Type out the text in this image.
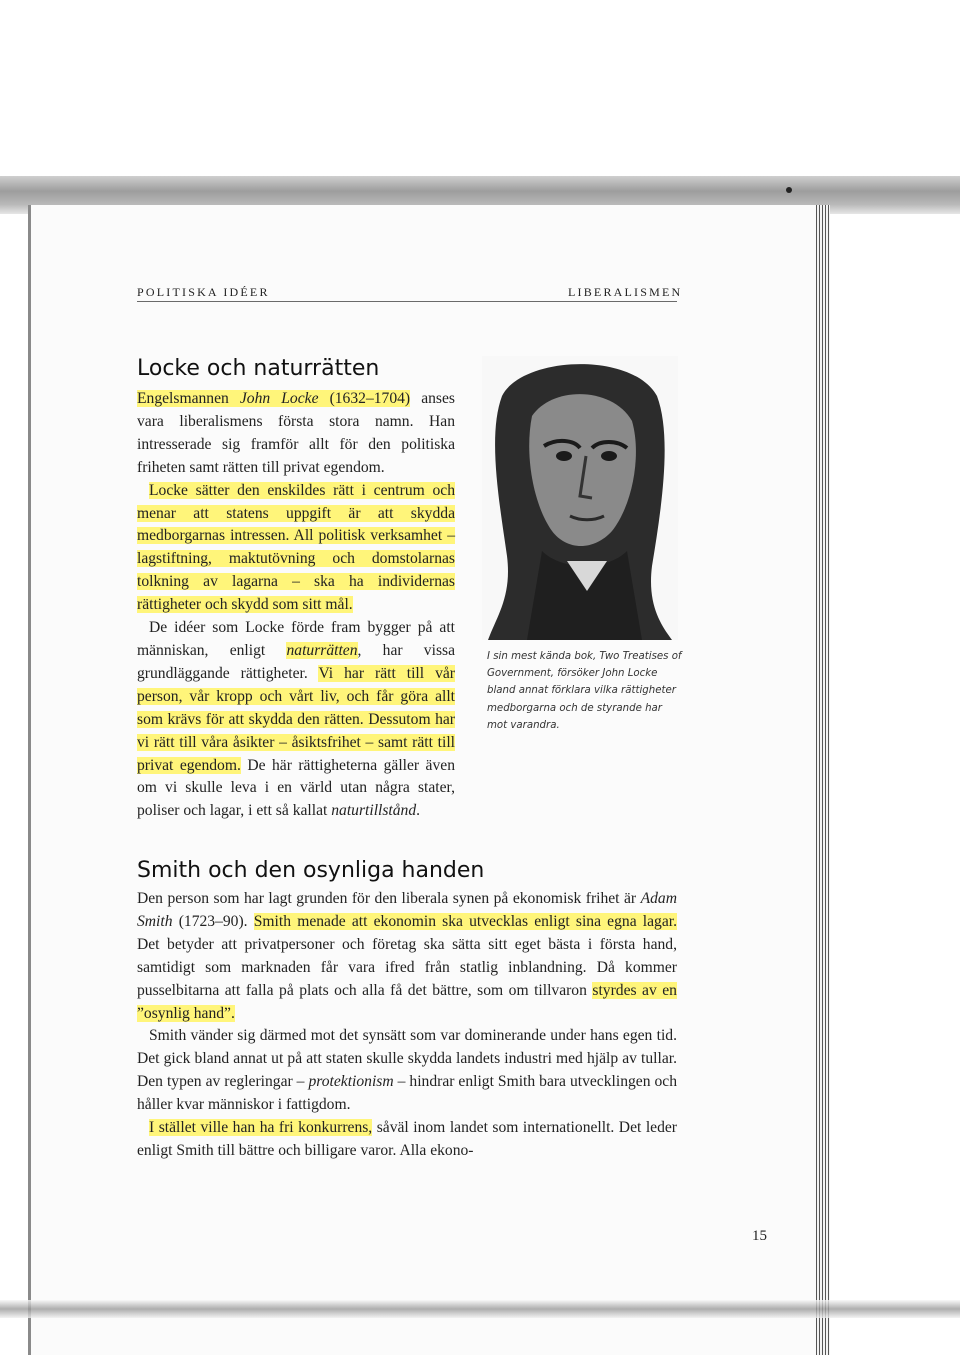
POLITISKA IDÉER	LIBERALISMEN
Locke och naturrätten

Engelsmannen John Locke (1632–1704) anses vara liberalismens första stora namn. Han intresserade sig framför allt för den politiska friheten samt rätten till privat egendom.

Locke sätter den enskildes rätt i centrum och menar att statens uppgift är att skydda medborgarnas intressen. All politisk verksamhet – lagstiftning, maktutövning och domstolarnas tolkning av lagarna – ska ha individernas rättigheter och skydd som sitt mål.

De idéer som Locke förde fram bygger på att människan, enligt naturrätten, har vissa grundläggande rättigheter. Vi har rätt till vår person, vår kropp och vårt liv, och får göra allt som krävs för att skydda den rätten. Dessutom har vi rätt till våra åsikter – åsiktsfrihet – samt rätt till privat egendom. De här rättigheterna gäller även om vi skulle leva i en värld utan några stater, poliser och lagar, i ett så kallat naturtillstånd.

I sin mest kända bok, Two Treatises of Government, försöker John Locke bland annat förklara vilka rättigheter medborgarna och de styrande har mot varandra.
Smith och den osynliga handen

Den person som har lagt grunden för den liberala synen på ekonomisk frihet är Adam Smith (1723–90). Smith menade att ekonomin ska utvecklas enligt sina egna lagar. Det betyder att privatpersoner och företag ska sätta sitt eget bästa i första hand, samtidigt som marknaden får vara ifred från statlig inblandning. Då kommer pusselbitarna att falla på plats och alla få det bättre, som om tillvaron styrdes av en ”osynlig hand”.

Smith vänder sig därmed mot det synsätt som var dominerande under hans egen tid. Det gick bland annat ut på att staten skulle skydda landets industri med hjälp av tullar. Den typen av regleringar – protektionism – hindrar enligt Smith bara utvecklingen och håller kvar människor i fattigdom.

I stället ville han ha fri konkurrens, såväl inom landet som internationellt. Det leder enligt Smith till bättre och billigare varor. Alla ekono-

15
